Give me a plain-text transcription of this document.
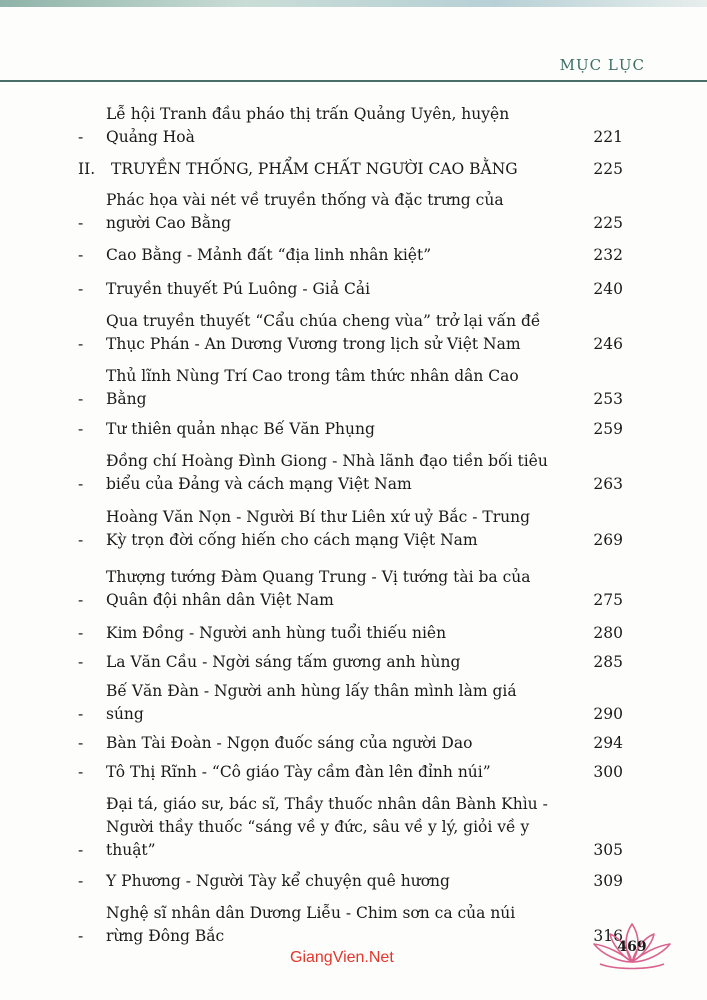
MỤC LỤC
-
Lễ hội Tranh đầu pháo thị trấn Quảng Uyên, huyện Quảng Hoà	221
II.	TRUYỀN THỐNG, PHẨM CHẤT NGƯỜI CAO BẰNG	225
-
Phác họa vài nét về truyền thống và đặc trưng của người Cao Bằng	225
-	Cao Bằng - Mảnh đất “địa linh nhân kiệt”	232
-	Truyền thuyết Pú Luông - Giả Cải	240
-
Qua truyền thuyết “Cẩu chúa cheng vùa” trở lại vấn đề Thục Phán - An Dương Vương trong lịch sử Việt Nam	246
-
Thủ lĩnh Nùng Trí Cao trong tâm thức nhân dân Cao Bằng	253
-	Tư thiên quản nhạc Bế Văn Phụng	259
-
Đồng chí Hoàng Đình Giong - Nhà lãnh đạo tiền bối tiêu biểu của Đảng và cách mạng Việt Nam	263
-
Hoàng Văn Nọn - Người Bí thư Liên xứ uỷ Bắc - Trung Kỳ trọn đời cống hiến cho cách mạng Việt Nam	269
-
Thượng tướng Đàm Quang Trung - Vị tướng tài ba của Quân đội nhân dân Việt Nam	275
-	Kim Đồng - Người anh hùng tuổi thiếu niên	280
-	La Văn Cầu - Ngời sáng tấm gương anh hùng	285
-
Bế Văn Đàn - Người anh hùng lấy thân mình làm giá súng	290
-	Bàn Tài Đoàn - Ngọn đuốc sáng của người Dao	294
-	Tô Thị Rĩnh - “Cô giáo Tày cầm đàn lên đỉnh núi”	300
-
Đại tá, giáo sư, bác sĩ, Thầy thuốc nhân dân Bành Khìu - Người thầy thuốc “sáng về y đức, sâu về y lý, giỏi về y thuật”	305
-	Y Phương - Người Tày kể chuyện quê hương	309
-
Nghệ sĩ nhân dân Dương Liễu - Chim sơn ca của núi rừng Đông Bắc	316
GiangVien.Net
469
